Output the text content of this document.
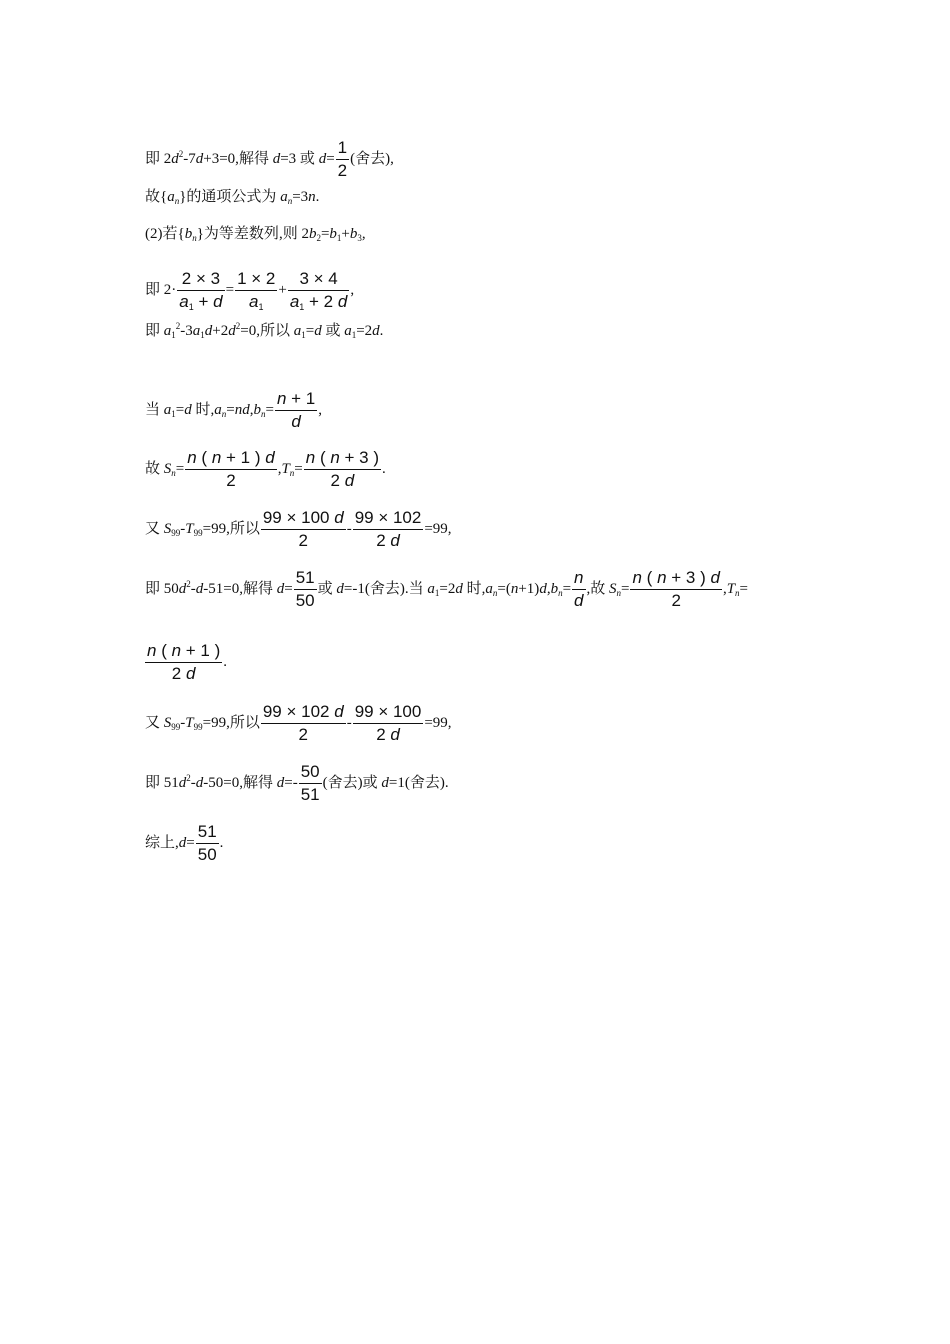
即 $2d^2-7d+3=0$,解得 d=3 或 $d= \frac{1}{2}$ (舍去),
故$\{a_n\}$的通项公式为 $a_n=3n$.
(2)若$\{b_n\}$为等差数列,则 $2b_2=b_1+b_3$,
即 $2\cdot \frac{2 \times 3}{a_1 + d} = \frac{1 \times 2}{a_1} + \frac{3 \times 4}{a_1 + 2 d}$ ,
即 $a_1^2-3a_1d+2d^2=0$,所以 $a_1=d$ 或 $a_1=2d$.
当 $a_1=d$ 时$,a_n=nd,b_n= \frac{n + 1}{d}$ ,
故 $S_n= \frac{n ( n + 1 ) d}{2} ,T_n= \frac{n ( n + 3 )}{2 d}$ .
又 $S_{99}-T_{99}=99$,所以 $\frac{99 \times 100 d}{2} - \frac{99 \times 102}{2 d} =99$,
即 $50d^2-d-51=0$,解得 $d= \frac{51}{50}$ 或 d=-1(舍去).当 $a_1=2d$ 时$,a_n=(n+1)d,b_n= \frac{n}{d}$ ,故 $S_n= \frac{n ( n + 3 ) d}{2} ,T_n=$
$\frac{n ( n + 1 )}{2 d}$ .
又 $S_{99}-T_{99}=99$,所以 $\frac{99 \times 102 d}{2} - \frac{99 \times 100}{2 d} =99$,
即 $51d^2-d-50=0$,解得 $d=- \frac{50}{51}$ (舍去)或 d=1(舍去).
综上$,d= \frac{51}{50}$ .
